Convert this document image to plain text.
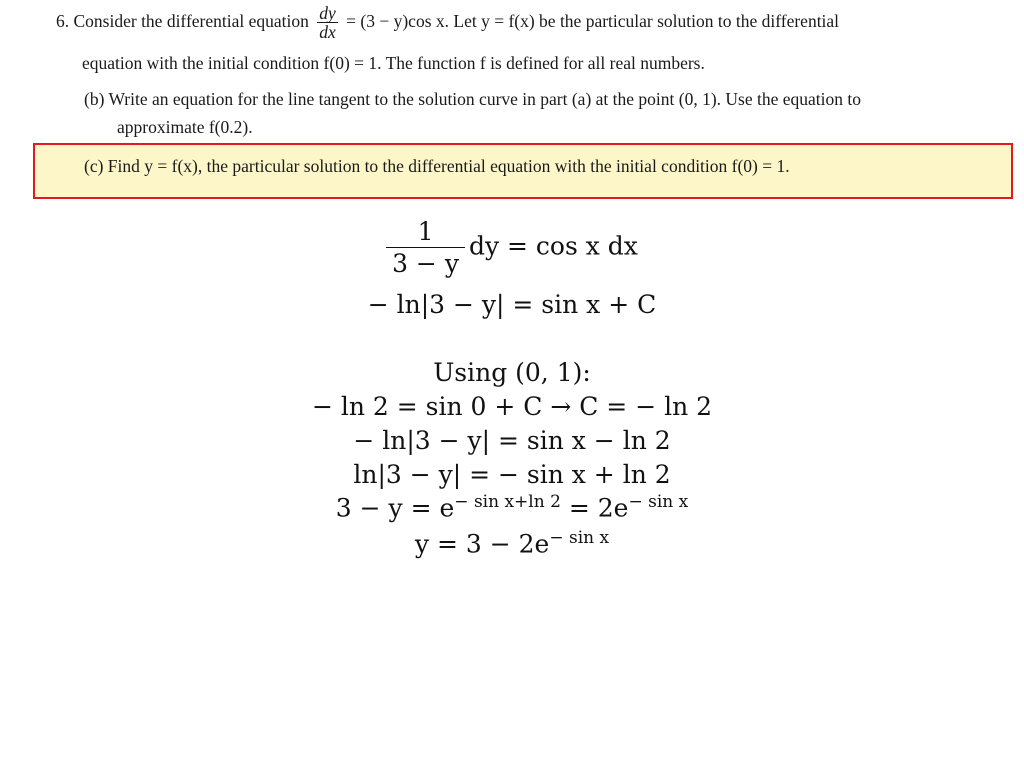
6. Consider the differential equation $\frac{dy}{dx} = (3 - y)\cos$ x. Let y = f(x) be the particular solution to the differential
equation with the initial condition f(0) = 1. The function f is defined for all real numbers.
(b) Write an equation for the line tangent to the solution curve in part (a) at the point (0, 1). Use the equation to
approximate f(0.2).
(c) Find y = f(x), the particular solution to the differential equation with the initial condition f(0) = 1.
$\frac{1}{3 - y}$ dy = cos x dx
− ln|3 − y| = sin x + C
Using (0, 1):
− ln 2 = sin 0 + C → C = − ln 2
− ln|3 − y| = sin x − ln 2
ln|3 − y| = − sin x + ln 2
$3 - y = e^{- sin x+ln 2} = 2e^{- sin x}$
$y = 3 - 2e^{- sin x}$
